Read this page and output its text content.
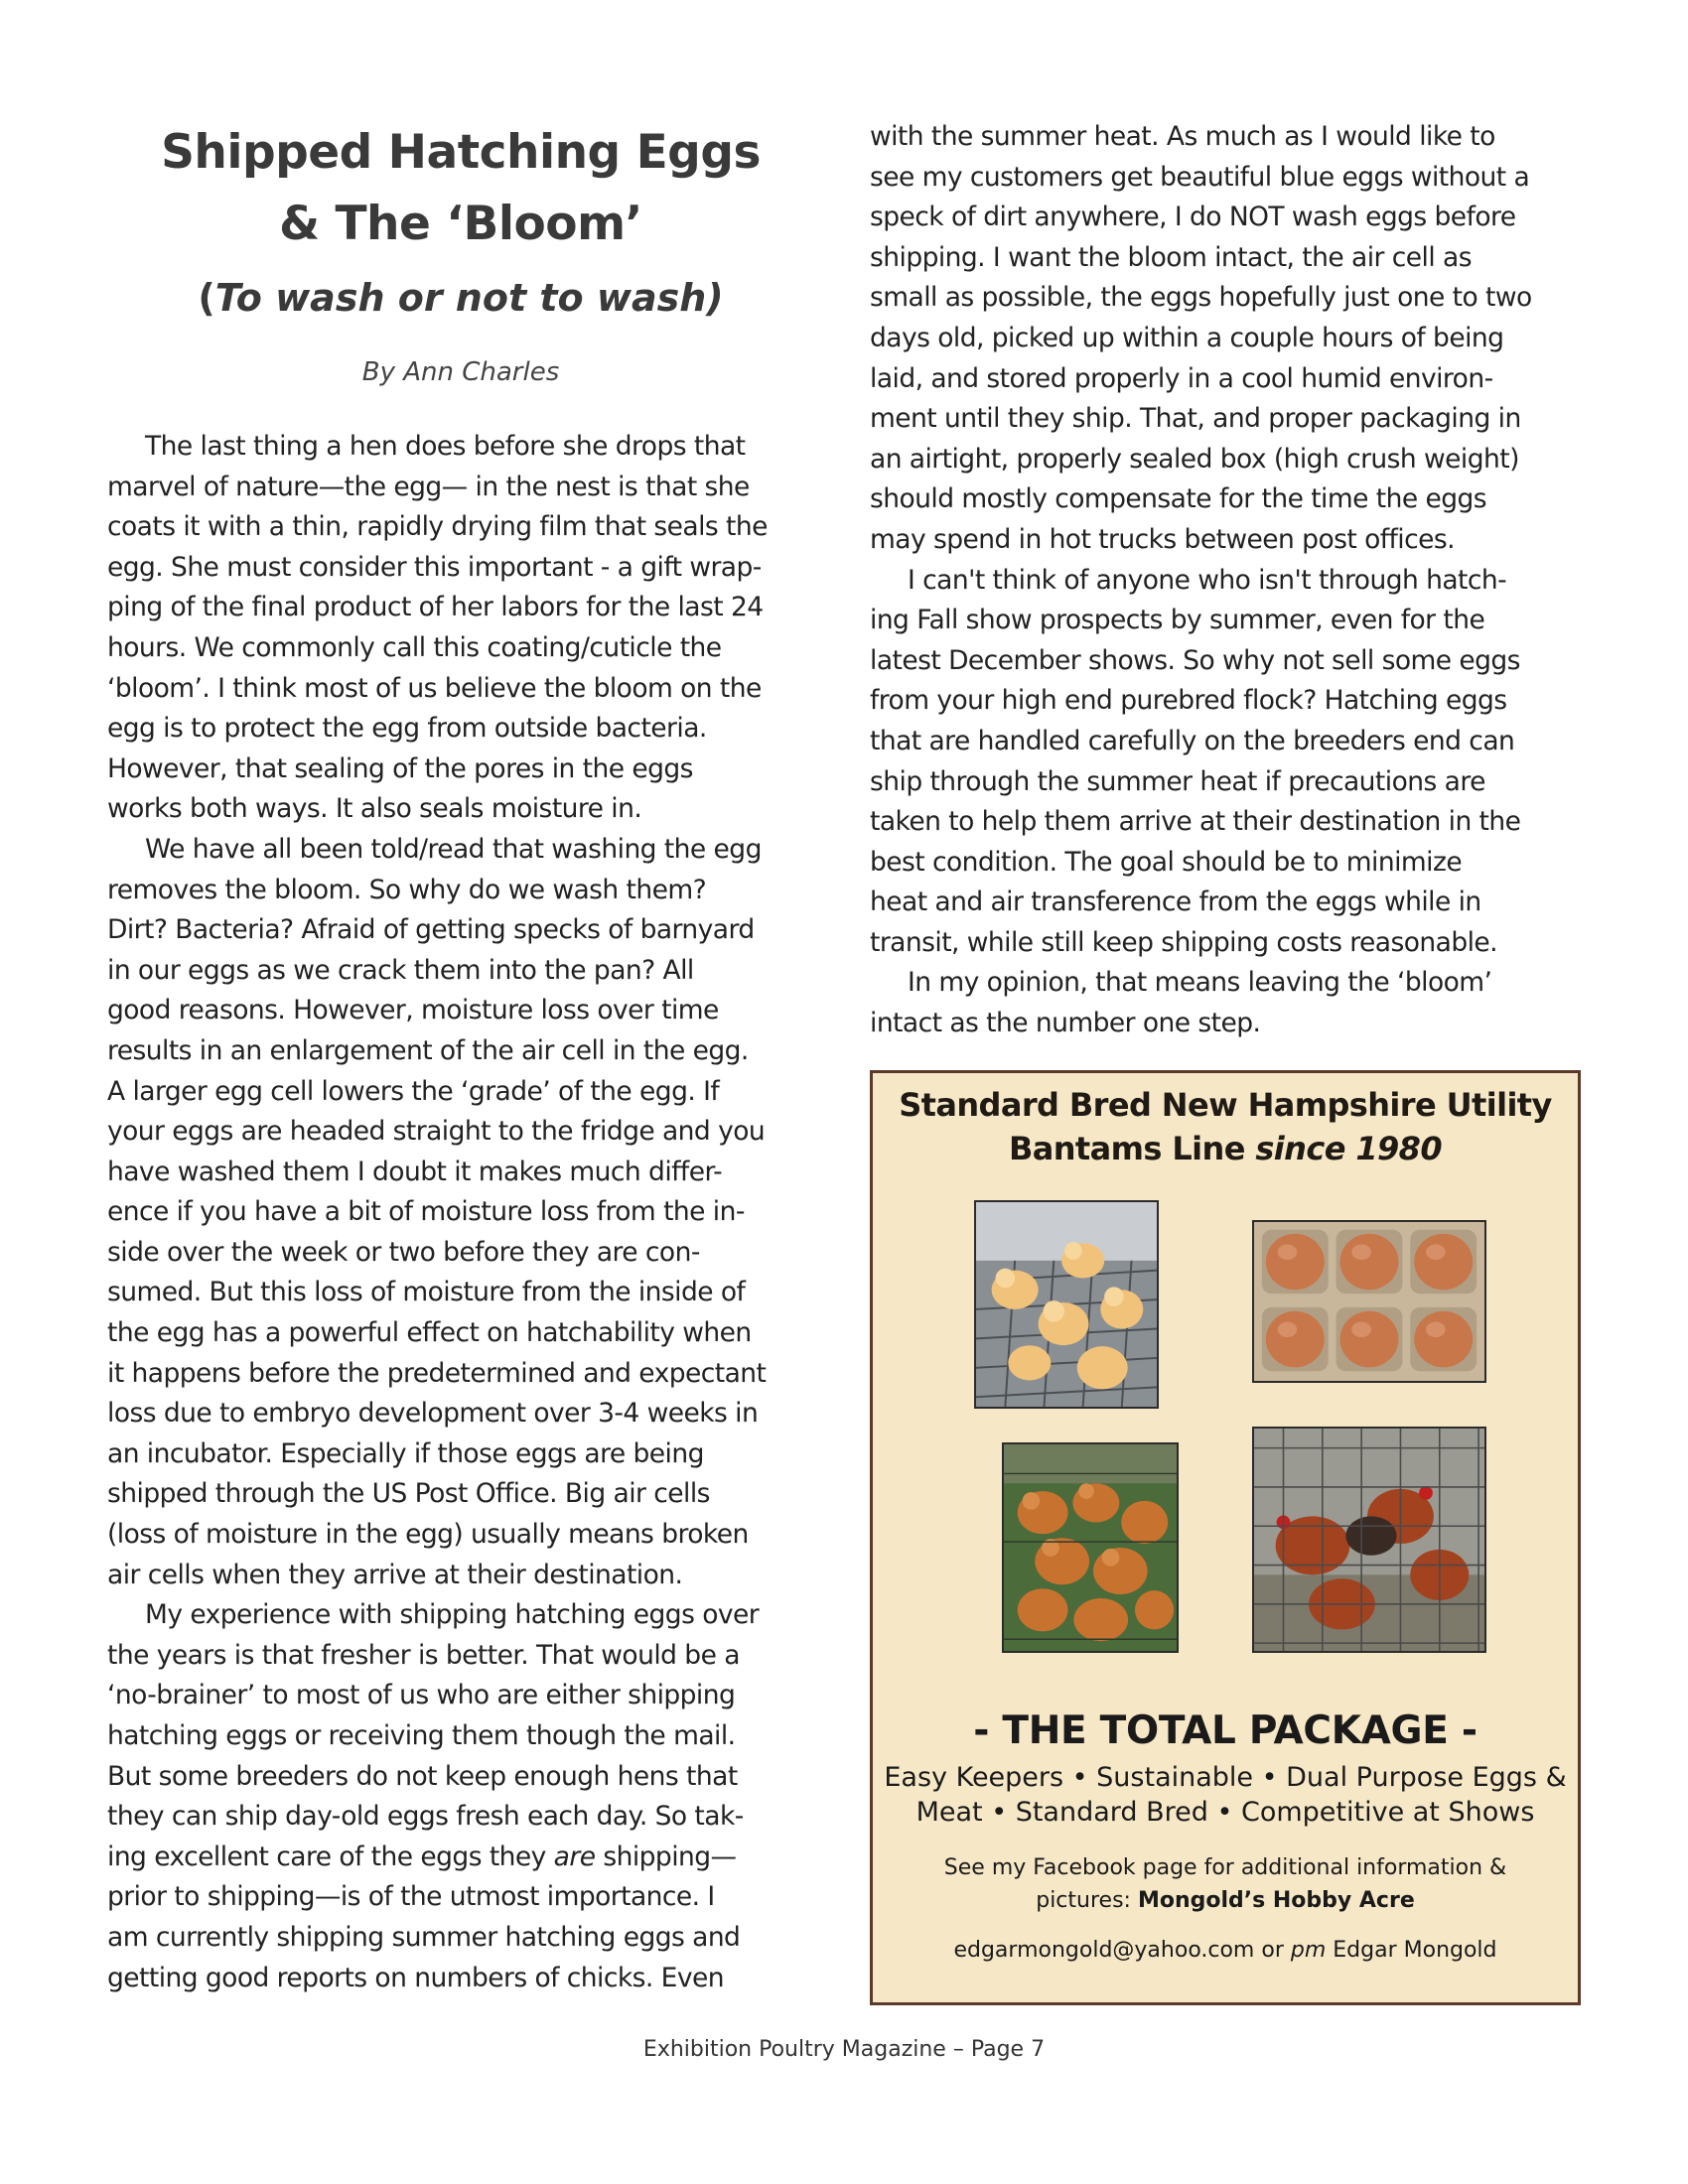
Shipped Hatching Eggs
& The ‘Bloom’
(To wash or not to wash)
By Ann Charles

The last thing a hen does before she drops that
marvel of nature—the egg— in the nest is that she
coats it with a thin, rapidly drying film that seals the
egg. She must consider this important - a gift wrap-
ping of the final product of her labors for the last 24
hours. We commonly call this coating/cuticle the
‘bloom’. I think most of us believe the bloom on the
egg is to protect the egg from outside bacteria.
However, that sealing of the pores in the eggs
works both ways. It also seals moisture in.

We have all been told/read that washing the egg
removes the bloom. So why do we wash them?
Dirt? Bacteria? Afraid of getting specks of barnyard
in our eggs as we crack them into the pan? All
good reasons. However, moisture loss over time
results in an enlargement of the air cell in the egg.
A larger egg cell lowers the ‘grade’ of the egg. If
your eggs are headed straight to the fridge and you
have washed them I doubt it makes much differ-
ence if you have a bit of moisture loss from the in-
side over the week or two before they are con-
sumed. But this loss of moisture from the inside of
the egg has a powerful effect on hatchability when
it happens before the predetermined and expectant
loss due to embryo development over 3-4 weeks in
an incubator. Especially if those eggs are being
shipped through the US Post Office. Big air cells
(loss of moisture in the egg) usually means broken
air cells when they arrive at their destination.

My experience with shipping hatching eggs over
the years is that fresher is better. That would be a
‘no-brainer’ to most of us who are either shipping
hatching eggs or receiving them though the mail.
But some breeders do not keep enough hens that
they can ship day-old eggs fresh each day. So tak-
ing excellent care of the eggs they are shipping—
prior to shipping—is of the utmost importance. I
am currently shipping summer hatching eggs and
getting good reports on numbers of chicks. Even

with the summer heat. As much as I would like to
see my customers get beautiful blue eggs without a
speck of dirt anywhere, I do NOT wash eggs before
shipping. I want the bloom intact, the air cell as
small as possible, the eggs hopefully just one to two
days old, picked up within a couple hours of being
laid, and stored properly in a cool humid environ-
ment until they ship. That, and proper packaging in
an airtight, properly sealed box (high crush weight)
should mostly compensate for the time the eggs
may spend in hot trucks between post offices.

I can't think of anyone who isn't through hatch-
ing Fall show prospects by summer, even for the
latest December shows. So why not sell some eggs
from your high end purebred flock? Hatching eggs
that are handled carefully on the breeders end can
ship through the summer heat if precautions are
taken to help them arrive at their destination in the
best condition. The goal should be to minimize
heat and air transference from the eggs while in
transit, while still keep shipping costs reasonable.

In my opinion, that means leaving the ‘bloom’
intact as the number one step.

Standard Bred New Hampshire Utility
Bantams Line since 1980
- THE TOTAL PACKAGE -
Easy Keepers • Sustainable • Dual Purpose Eggs &
Meat • Standard Bred • Competitive at Shows
See my Facebook page for additional information &
pictures: Mongold’s Hobby Acre
edgarmongold@yahoo.com or pm Edgar Mongold
Exhibition Poultry Magazine – Page 7
